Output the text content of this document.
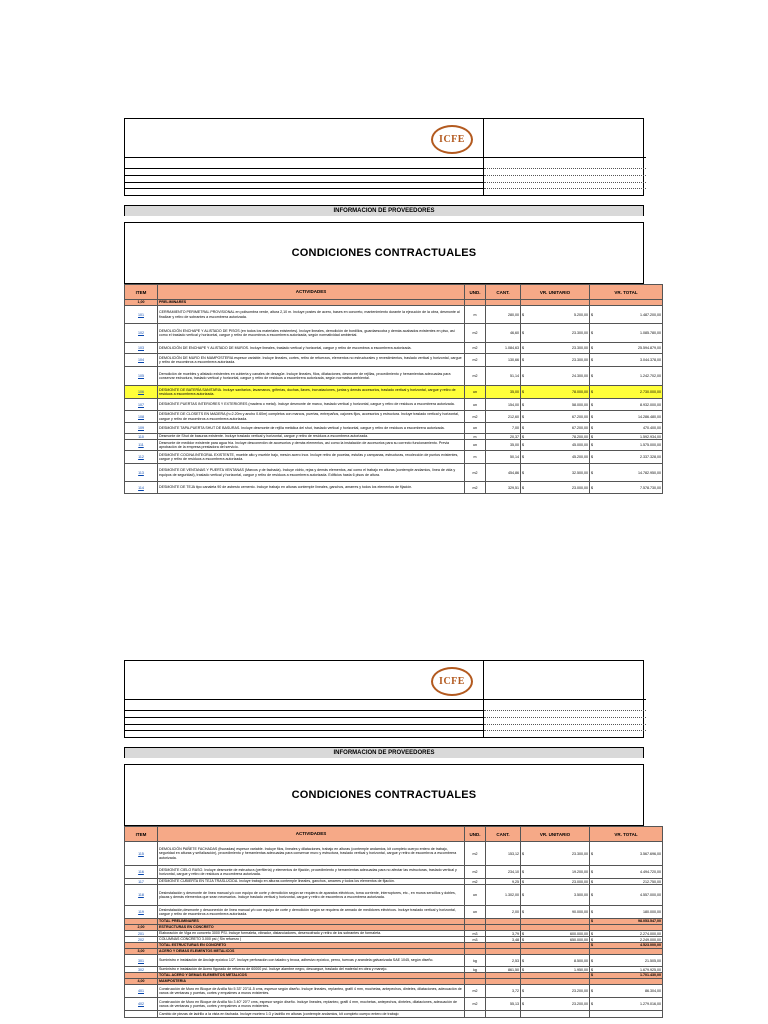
ICFE
INFORMACION DE PROVEEDORES
CONDICIONES CONTRACTUALES
ITEM	ACTIVIDADES	UND.	CANT.	VR. UNITARIO	VR. TOTAL
1,00	PRELIMINARES				
101	CERRAMIENTO PERIMETRAL PROVISIONAL en polisombra verde, altura 2,10 m. Incluye postes de acero, bases en concreto, mantenimiento durante la ejecución de la obra, desmonte al finalizar y retiro de sobrantes a escombrera autorizada.	m	280,00	$ 5.200,00	$ 1.487.200,00
102	DEMOLICIÓN ENCHAPE Y ALISTADO DE PISOS (en todos los materiales existentes). Incluye lineales, demolición de bordillos, guardaescoba y demás acabados existentes en piso, así como el traslado vertical y horizontal, cargue y retiro de escombros a escombrera autorizada, según normatividad ambiental.	m2	46,60	$ 23.300,00	$ 1.085.780,00
103	DEMOLICIÓN DE ENCHAPE Y ALISTADO DE MUROS. Incluye lineales, traslado vertical y horizontal, cargue y retiro de escombros a escombrera autorizada.	m2	1.084,63	$ 23.300,00	$ 25.594.879,00
104	DEMOLICIÓN DE MURO EN MAMPOSTERIA espesor variable. Incluye lineales, cortes, retiro de refuerzos, elementos no estructurales y revestimientos, traslado vertical y horizontal, cargue y retiro de escombros a escombrera autorizada.	m2	130,66	$ 23.300,00	$ 3.044.378,00
105	Demolición de muebles y alistado existentes en cubierta y canales de desagüe. Incluye lineales, filos, dilataciones, desmonte de rejillas, procedimiento y herramientas adecuadas para conservar estructura, traslado vertical y horizontal, cargue y retiro de residuos a escombrera autorizada, según normativa ambiental.	m2	51,14	$ 24.300,00	$ 1.242.702,00
106	DESMONTE DE BATERÍA SANITARIA. Incluye sanitarios, lavamanos, griferías, duchas, llaves, incrustaciones, juntas y demás accesorios, traslado vertical y horizontal, cargue y retiro de residuos a escombrera autorizada.	un	35,00	$ 78.000,00	$ 2.730.000,00
107	DESMONTE PUERTAS INTERIORES Y EXTERIORES (madera o metal). Incluye desmonte de marco, traslado vertical y horizontal, cargue y retiro de residuos a escombrera autorizada.	un	154,00	$ 58.000,00	$ 8.932.000,00
108	DESMONTE DE CLOSETS EN MADERA (h=2.20m y ancho 0.60m) completos con marcos, puertas, entrepaños, cajones fijos, accesorios y estructura. Incluye traslado vertical y horizontal, cargue y retiro de escombros a escombrera autorizada.	m2	212,60	$ 67.200,00	$ 14.286.480,00
109	DESMONTE TAPA-PUERTA SHUT DE BASURAS. Incluye desmonte de rejilla metálica del shut, traslado vertical y horizontal, cargue y retiro de residuos a escombrera autorizada.	un	7,00	$ 67.200,00	$ 470.400,00
110	Desmonte de Shut de basuras existente. Incluye traslado vertical y horizontal, cargue y retiro de residuos a escombrera autorizada.	m	20,37	$ 78.200,00	$ 1.592.934,00
111	Desmonte de medidor existente para agua fría. Incluye desconexión de accesorios y demás elementos, así como la instalación de accesorios para su correcto funcionamiento. Previa aprobación de la empresa prestadora del servicio.	un	35,00	$ 45.000,00	$ 1.575.000,00
112	DESMONTE COCINA INTEGRAL EXISTENTE, mueble alto y mueble bajo, mesón acero inox. Incluye retiro de pocetas, estufas y campanas, estructuras, recolección de puntos existentes, cargue y retiro de residuos a escombrera autorizada.	m	50,14	$ 45.200,00	$ 2.337.328,00
113	DESMONTE DE VENTANAS Y PUERTA VENTANAS (Marcos y de fachada). Incluye vidrio, rejas y demás elementos, así como el trabajo en alturas (contemple andamios, línea de vida y equipos de seguridad), traslado vertical y horizontal, cargue y retiro de residuos a escombrera autorizada. Edificios hasta 6 pisos de altura.	m2	454,86	$ 32.500,00	$ 14.782.950,00
114	DESMONTE DE TEJA tipo canaleta 90 de asbesto cemento. Incluye trabajo en alturas contemple lineales, ganchos, amarres y todos los elementos de fijación.	m2	329,51	$ 23.000,00	$ 7.578.730,00
ICFE
INFORMACION DE PROVEEDORES
CONDICIONES CONTRACTUALES
ITEM	ACTIVIDADES	UND.	CANT.	VR. UNITARIO	VR. TOTAL
115	DEMOLICIÓN PAÑETE FACHADAS (fisuradas) espesor variable. Incluye filos, lineales y dilataciones, trabajo en alturas (contemple andamios, kit completo cuerpo entero de trabajo, seguridad en alturas y señalización), procedimiento y herramientas adecuadas para conservar muro y estructura, traslado vertical y horizontal, cargue y retiro de escombros a escombrera autorizada.	m2	153,12	$ 23.300,00	$ 3.567.696,00
116	DESMONTE CIELO RASO. Incluye desmonte de estructura (perfilería) y elementos de fijación, procedimiento y herramientas adecuadas para no afectar las estructuras, traslado vertical y horizontal, cargue y retiro de residuos a escombrera autorizada.	m2	234,10	$ 19.200,00	$ 4.494.720,00
117	DESMONTE CUBIERTA EN TEJA TRASLÚCIDA. Incluye trabajo en alturas contemple lineales, ganchos, amarres y todos los elementos de fijación.	m2	9,25	$ 23.000,00	$ 212.750,00
118	Desinstalación y desmonte de línea manual y/o con equipo de corte y demolición según se requiera de aparatos eléctricos, toma corriente, interruptores, etc., en muros sencillos y dobles, placas y demás elementos que sean necesarios. Incluye traslado vertical y horizontal, cargue y retiro de escombros a escombrera autorizada.	un	1.302,00	$ 3.500,00	$ 4.557.000,00
119	Desinstalación,desmonte y desconexión de línea manual y/o con equipo de corte y demolición según se requiera de armado de medidores eléctricos. Incluye traslado vertical y horizontal, cargue y retiro de escombros a escombrera autorizada.	un	2,00	$ 90.000,00	$ 180.000,00
	TOTAL PRELIMINARES				$ 98.053.547,00
2,00	ESTRUCTURAS EN CONCRETO				
201	Elaboración de Viga en concreto 3000 PSI. Incluye formaleta, vibrador, distanciadores, desencofrado y retiro de los sobrantes de formaleta.	m3	3,79	$ 600.000,00	$ 2.274.000,00
202	COLUMNAS CONCRETO 3.000 psi ( Sin refuerzo )	m3	3,48	$ 650.000,00	$ 2.249.000,00
	TOTAL ESTRUCTURAS EN CONCRETO				$ 4.523.000,00
3,00	ACERO Y DEMAS ELEMENTOS METALICOS				
301	Suministro e instalación de Anclaje epóxico 1/2". Incluye perforación con taladro y broca, adhesivo epóxico, perno, tuercas y arandela galvanizada SAE 1045, según diseño.	kg	2,53	$ 8.500,00	$ 21.505,00
302	Suministro e instalación de Acero figurado de refuerzo de 60000 psi. Incluye alambre negro, descargue, traslado del material en obra y manejo.	kg	861,50	$ 1.950,00	$ 1.679.925,00
	TOTAL ACERO Y DEMAS ELEMENTOS METALICOS				$ 1.701.430,00
4,00	MAMPOSTERIA				
401	Construcción de Muro en Bloque de Arcilla No 5 33" 23"11.5 cms, espesor según diseño. Incluye lineales, replanteo, grafil 4 mm, mochetas, antepechos, dinteles, dilataciones, adecuación de vanos de ventanas y puertas, cortes y empalmes a muros existentes.	m2	3,72	$ 23.200,00	$ 86.304,00
402	Construcción de Muro en Bloque de Arcilla No 3 40" 20"7 cms, espesor según diseño. Incluye lineales, replanteo, grafil 4 mm, mochetas, antepechos, dinteles, dilataciones, adecuación de vanos de ventanas y puertas, cortes y empalmes a muros existentes.	m2	55,13	$ 23.200,00	$ 1.279.016,00
	Cambio de piezas de ladrillo a la vista en fachada. Incluye mortero 1:3 y ladrillo en alturas (contemple andamios, kit completo cuerpo entero de trabajo				
